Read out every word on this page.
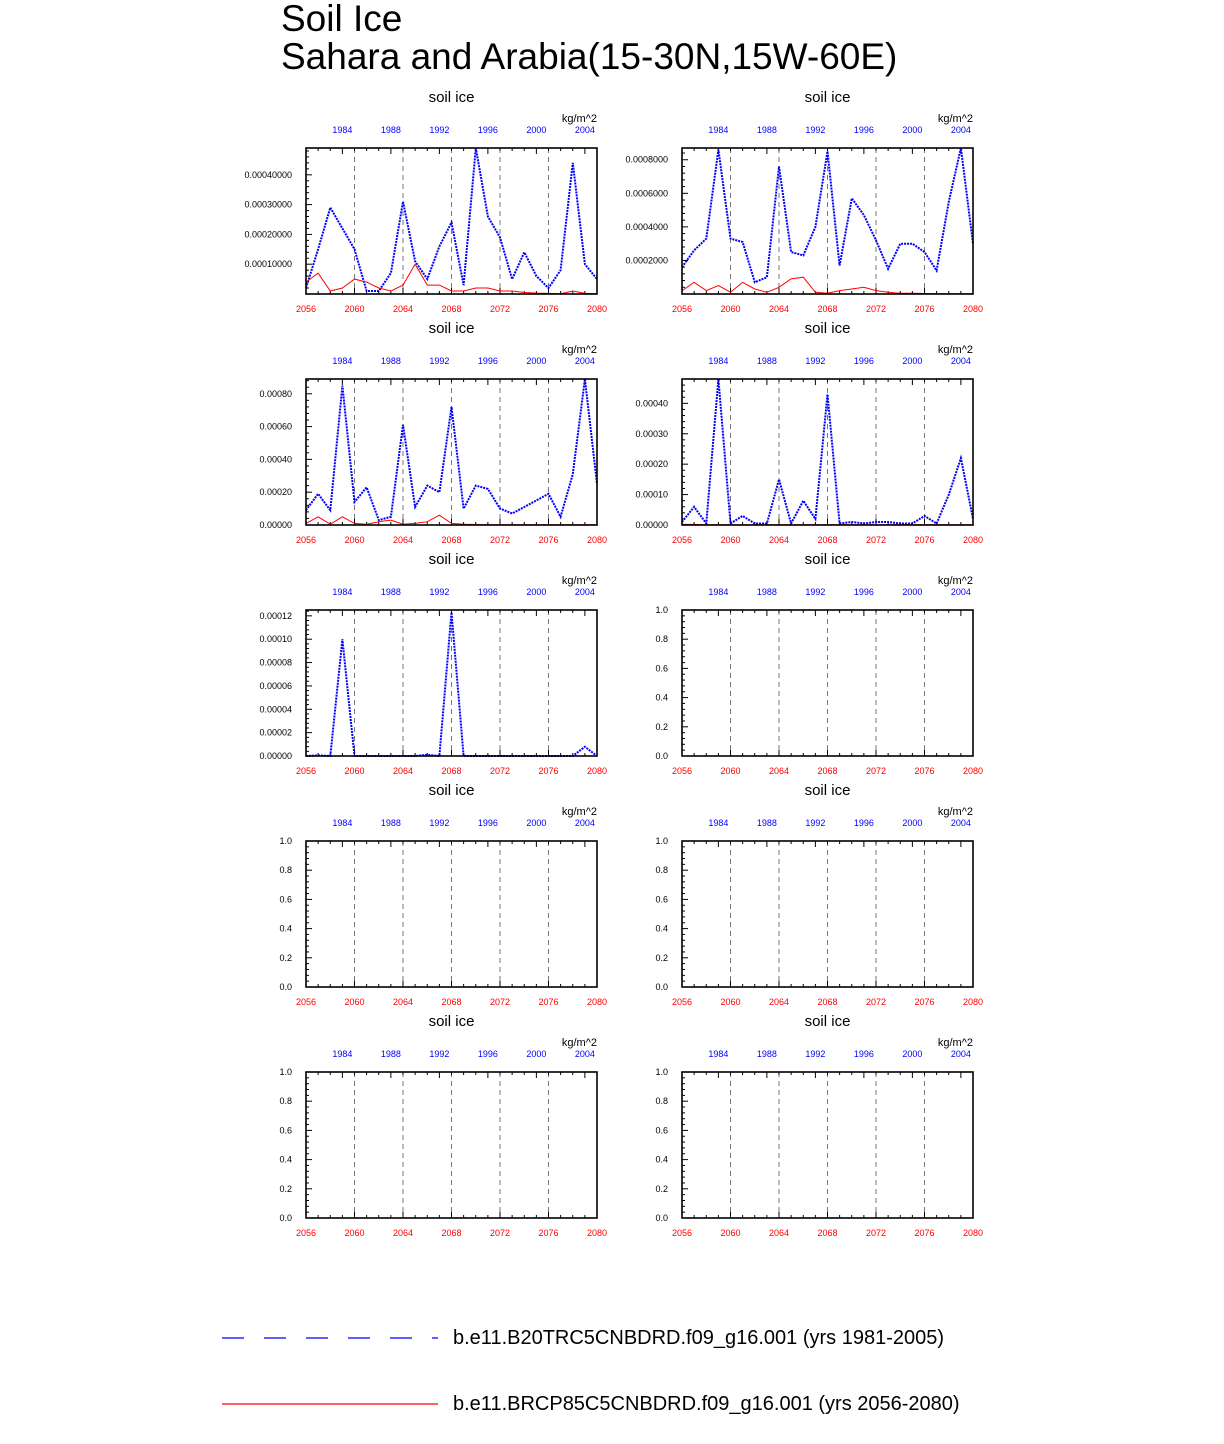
Soil Ice
Sahara and Arabia(15-30N,15W-60E)
soil ice
kg/m^2
2056	2060	2064	2068	2072	2076	2080
1984	1988	1992	1996	2000	2004
0.00010000
0.00020000
0.00030000
0.00040000
soil ice
kg/m^2
2056	2060	2064	2068	2072	2076	2080
1984	1988	1992	1996	2000	2004
0.0002000
0.0004000
0.0006000
0.0008000
soil ice
kg/m^2
2056	2060	2064	2068	2072	2076	2080
1984	1988	1992	1996	2000	2004
0.00000
0.00020
0.00040
0.00060
0.00080
soil ice
kg/m^2
2056	2060	2064	2068	2072	2076	2080
1984	1988	1992	1996	2000	2004
0.00000
0.00010
0.00020
0.00030
0.00040
soil ice
kg/m^2
2056	2060	2064	2068	2072	2076	2080
1984	1988	1992	1996	2000	2004
0.00000
0.00002
0.00004
0.00006
0.00008
0.00010
0.00012
soil ice
kg/m^2
2056	2060	2064	2068	2072	2076	2080
1984	1988	1992	1996	2000	2004
0.0
0.2
0.4
0.6
0.8
1.0
soil ice
kg/m^2
2056	2060	2064	2068	2072	2076	2080
1984	1988	1992	1996	2000	2004
0.0
0.2
0.4
0.6
0.8
1.0
soil ice
kg/m^2
2056	2060	2064	2068	2072	2076	2080
1984	1988	1992	1996	2000	2004
0.0
0.2
0.4
0.6
0.8
1.0
soil ice
kg/m^2
2056	2060	2064	2068	2072	2076	2080
1984	1988	1992	1996	2000	2004
0.0
0.2
0.4
0.6
0.8
1.0
soil ice
kg/m^2
2056	2060	2064	2068	2072	2076	2080
1984	1988	1992	1996	2000	2004
0.0
0.2
0.4
0.6
0.8
1.0
b.e11.B20TRC5CNBDRD.f09_g16.001 (yrs 1981-2005)
b.e11.BRCP85C5CNBDRD.f09_g16.001 (yrs 2056-2080)
